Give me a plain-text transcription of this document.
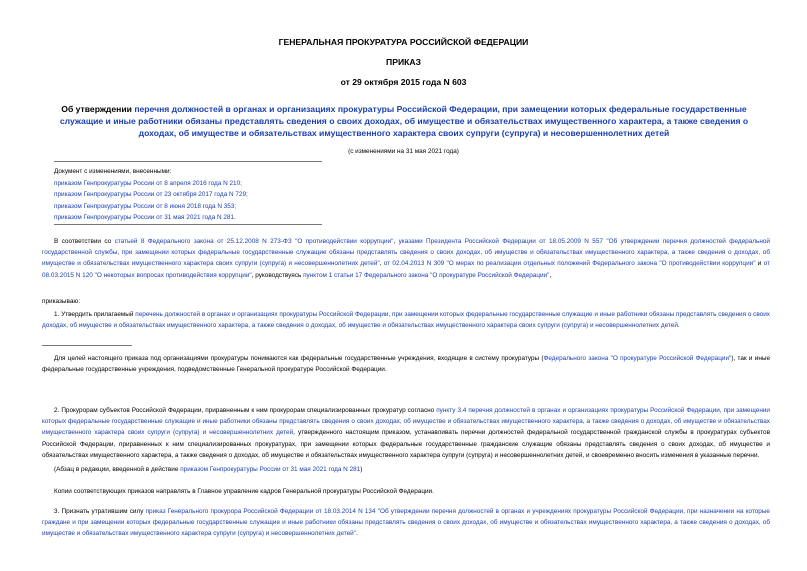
ГЕНЕРАЛЬНАЯ ПРОКУРАТУРА РОССИЙСКОЙ ФЕДЕРАЦИИ
ПРИКАЗ
от 29 октября 2015 года N 603
Об утверждении перечня должностей в органах и организациях прокуратуры Российской Федерации, при замещении которых федеральные государственные служащие и иные работники обязаны представлять сведения о своих доходах, об имуществе и обязательствах имущественного характера, а также сведения о доходах, об имуществе и обязательствах имущественного характера своих супруги (супруга) и несовершеннолетних детей
(с изменениями на 31 мая 2021 года)
Документ с изменениями, внесенными:
приказом Генпрокуратуры России от 8 апреля 2016 года N 210;
приказом Генпрокуратуры России от 23 октября 2017 года N 729;
приказом Генпрокуратуры России от 8 июня 2018 года N 353;
приказом Генпрокуратуры России от 31 мая 2021 года N 281.
В соответствии со статьей 8 Федерального закона от 25.12.2008 N 273-ФЗ "О противодействии коррупции", указами Президента Российской Федерации от 18.05.2009 N 557 "Об утверждении перечня должностей федеральной государственной службы, при замещении которых федеральные государственные служащие обязаны представлять сведения о своих доходах, об имуществе и обязательствах имущественного характера, а также сведения о доходах, об имуществе и обязательствах имущественного характера своих супруги (супруга) и несовершеннолетних детей", от 02.04.2013 N 309 "О мерах по реализации отдельных положений Федерального закона "О противодействии коррупции" и от 08.03.2015 N 120 "О некоторых вопросах противодействия коррупции", руководствуясь пунктом 1 статьи 17 Федерального закона "О прокуратуре Российской Федерации",
приказываю:
1. Утвердить прилагаемый перечень должностей в органах и организациях прокуратуры Российской Федерации, при замещении которых федеральные государственные служащие и иные работники обязаны представлять сведения о своих доходах, об имуществе и обязательствах имущественного характера, а также сведения о доходах, об имуществе и обязательствах имущественного характера своих супруги (супруга) и несовершеннолетних детей.
Для целей настоящего приказа под организациями прокуратуры понимаются как федеральные государственные учреждения, входящие в систему прокуратуры (Федерального закона "О прокуратуре Российской Федерации"), так и иные федеральные государственные учреждения, подведомственные Генеральной прокуратуре Российской Федерации.
2. Прокурорам субъектов Российской Федерации, приравненным к ним прокурорам специализированных прокуратур согласно пункту 3.4 перечня должностей в органах и организациях прокуратуры Российской Федерации, при замещении которых федеральные государственные служащие и иные работники обязаны представлять сведения о своих доходах, об имуществе и обязательствах имущественного характера, а также сведения о доходах, об имуществе и обязательствах имущественного характера своих супруги (супруга) и несовершеннолетних детей, утвержденного настоящим приказом, устанавливать перечни должностей федеральной государственной гражданской службы в прокуратурах субъектов Российской Федерации, приравненных к ним специализированных прокуратурах, при замещении которых федеральные государственные гражданские служащие обязаны представлять сведения о своих доходах, об имуществе и обязательствах имущественного характера, а также сведения о доходах, об имуществе и обязательствах имущественного характера супруги (супруга) и несовершеннолетних детей, и своевременно вносить изменения в указанные перечни.
(Абзац в редакции, введенной в действие приказом Генпрокуратуры России от 31 мая 2021 года N 281)
Копии соответствующих приказов направлять в Главное управление кадров Генеральной прокуратуры Российской Федерации.
3. Признать утратившим силу приказ Генерального прокурора Российской Федерации от 18.03.2014 N 134 "Об утверждении перечня должностей в органах и учреждениях прокуратуры Российской Федерации, при назначении на которые граждане и при замещении которых федеральные государственные служащие и иные работники обязаны представлять сведения о своих доходах, об имуществе и обязательствах имущественного характера, а также сведения о доходах, об имуществе и обязательствах имущественного характера супруги (супруга) и несовершеннолетних детей".
